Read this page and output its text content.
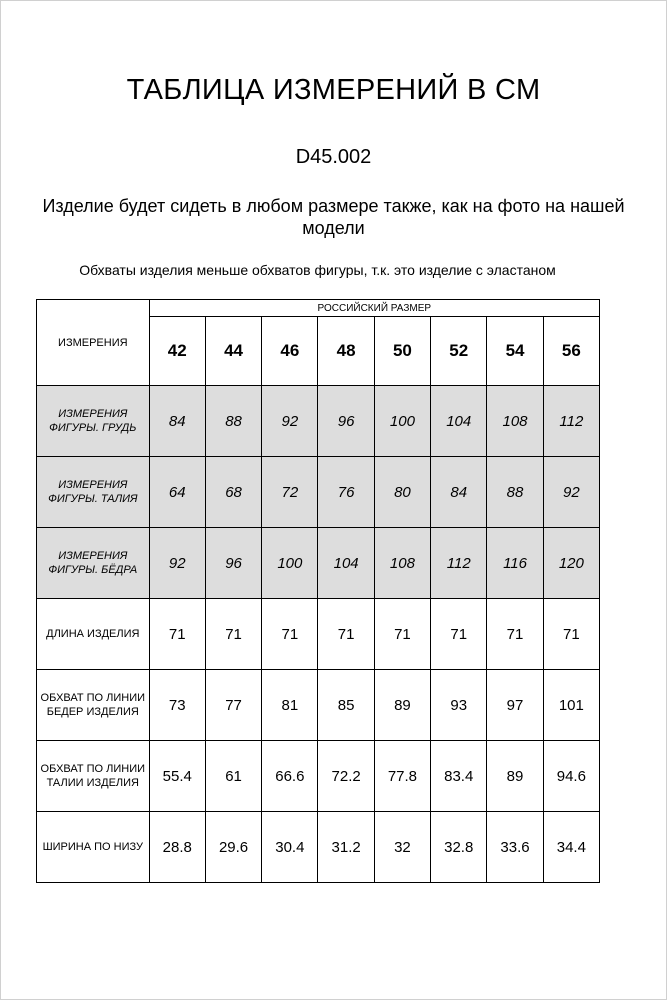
ТАБЛИЦА ИЗМЕРЕНИЙ В СМ
D45.002
Изделие будет сидеть в любом размере также, как на фото на нашей модели
Обхваты изделия меньше обхватов фигуры, т.к. это изделие с эластаном
ИЗМЕРЕНИЯ	РОССИЙСКИЙ РАЗМЕР							
	42	44	46	48	50	52	54	56
ИЗМЕРЕНИЯ ФИГУРЫ. ГРУДЬ	84	88	92	96	100	104	108	112
ИЗМЕРЕНИЯ ФИГУРЫ. ТАЛИЯ	64	68	72	76	80	84	88	92
ИЗМЕРЕНИЯ ФИГУРЫ. БЁДРА	92	96	100	104	108	112	116	120
ДЛИНА ИЗДЕЛИЯ	71	71	71	71	71	71	71	71
ОБХВАТ ПО ЛИНИИ БЕДЕР ИЗДЕЛИЯ	73	77	81	85	89	93	97	101
ОБХВАТ ПО ЛИНИИ ТАЛИИ ИЗДЕЛИЯ	55.4	61	66.6	72.2	77.8	83.4	89	94.6
ШИРИНА ПО НИЗУ	28.8	29.6	30.4	31.2	32	32.8	33.6	34.4
